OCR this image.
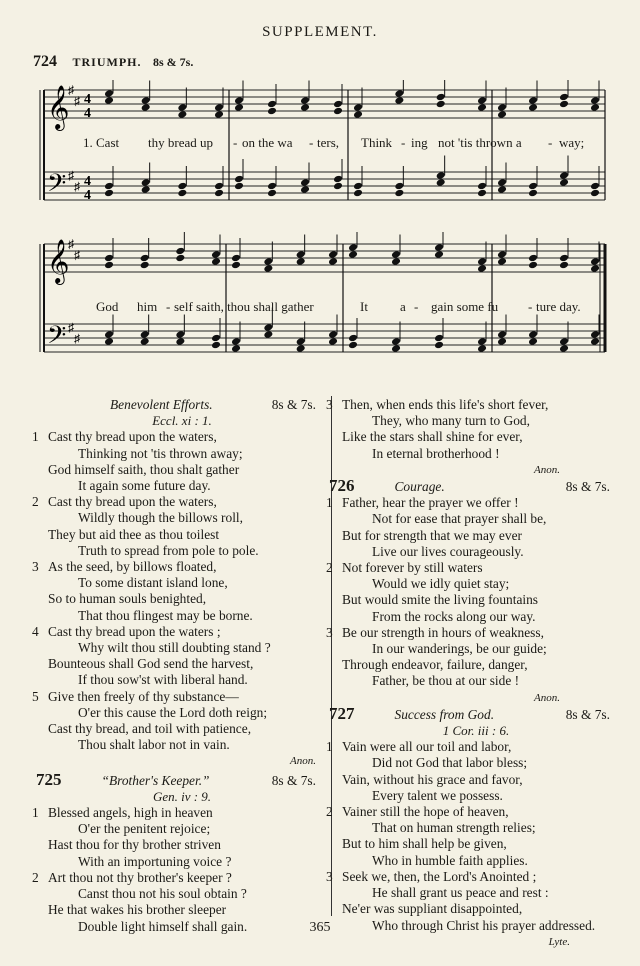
SUPPLEMENT.
724 TRIUMPH. 8s & 7s.
𝄞
𝄢
♯
♯
♯
♯
4
4
4
4
𝄞
𝄢
♯
♯
♯
♯
1. Cast thy bread up - on the wa - ters, Think - ing not 'tis thrown a - way;
God him - self saith, thou shall gather	It a - gain some fu - ture day.
Benevolent Efforts.	8s & 7s.
Eccl. xi : 1.
1 Cast thy bread upon the waters,
Thinking not 'tis thrown away;
God himself saith, thou shalt gather
It again some future day.
2 Cast thy bread upon the waters,
Wildly though the billows roll,
They but aid thee as thou toilest
Truth to spread from pole to pole.
3 As the seed, by billows floated,
To some distant island lone,
So to human souls benighted,
That thou flingest may be borne.
4 Cast thy bread upon the waters ;
Why wilt thou still doubting stand ?
Bounteous shall God send the harvest,
If thou sow'st with liberal hand.
5 Give then freely of thy substance—
O'er this cause the Lord doth reign;
Cast thy bread, and toil with patience,
Thou shalt labor not in vain.
Anon.
725	“Brother's Keeper.”	8s & 7s.
Gen. iv : 9.
1 Blessed angels, high in heaven
O'er the penitent rejoice;
Hast thou for thy brother striven
With an importuning voice ?
2 Art thou not thy brother's keeper ?
Canst thou not his soul obtain ?
He that wakes his brother sleeper
Double light himself shall gain.
3 Then, when ends this life's short fever,
They, who many turn to God,
Like the stars shall shine for ever,
In eternal brotherhood !
Anon.
726	Courage.	8s & 7s.
1 Father, hear the prayer we offer !
Not for ease that prayer shall be,
But for strength that we may ever
Live our lives courageously.
2 Not forever by still waters
Would we idly quiet stay;
But would smite the living fountains
From the rocks along our way.
3 Be our strength in hours of weakness,
In our wanderings, be our guide;
Through endeavor, failure, danger,
Father, be thou at our side !
Anon.
727	Success from God.	8s & 7s.
1 Cor. iii : 6.
1 Vain were all our toil and labor,
Did not God that labor bless;
Vain, without his grace and favor,
Every talent we possess.
2 Vainer still the hope of heaven,
That on human strength relies;
But to him shall help be given,
Who in humble faith applies.
3 Seek we, then, the Lord's Anointed ;
He shall grant us peace and rest :
Ne'er was suppliant disappointed,
Who through Christ his prayer addressed.
Lyte.
365
